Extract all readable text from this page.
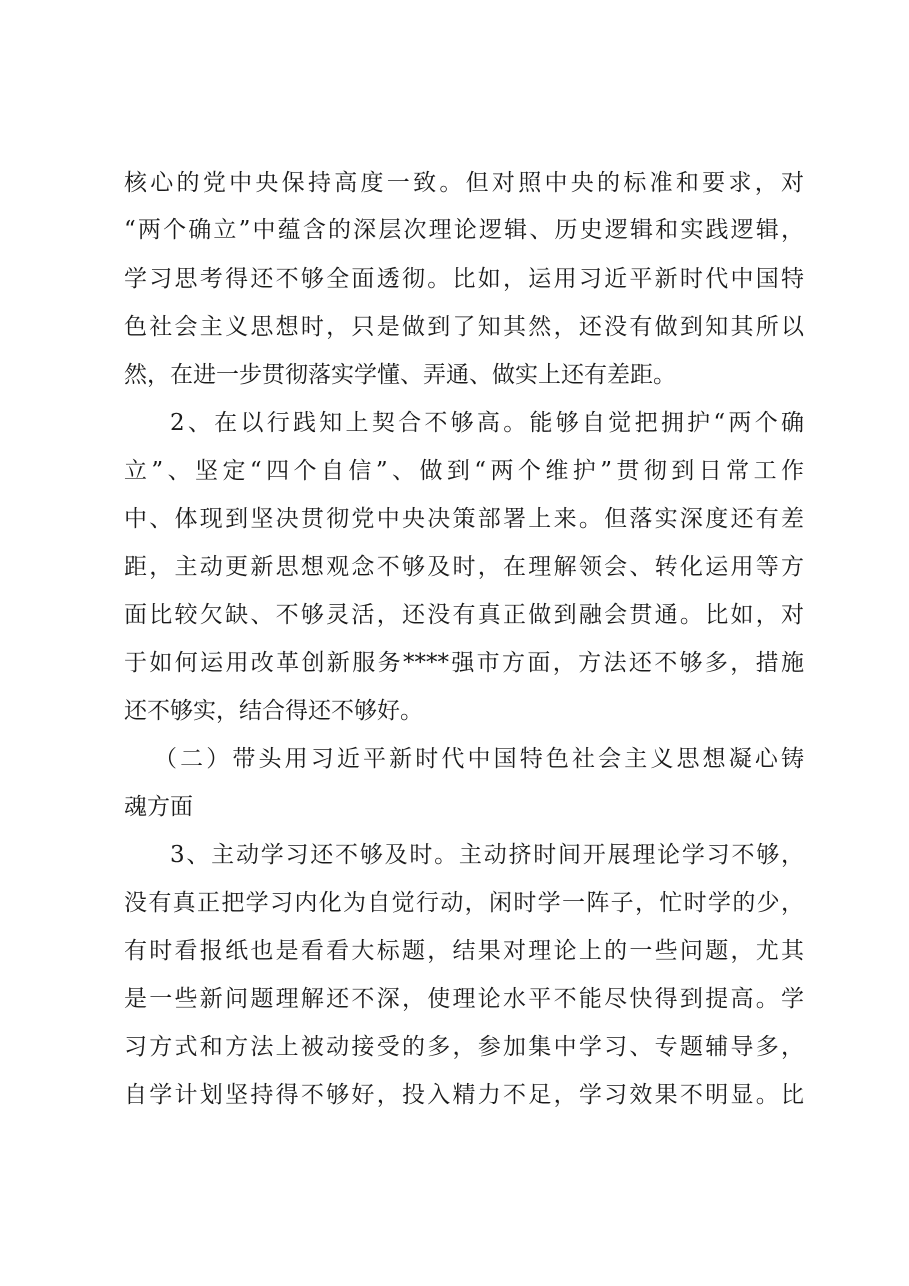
核心的党中央保持高度一致。但对照中央的标准和要求，对
“两个确立”中蕴含的深层次理论逻辑、历史逻辑和实践逻辑，
学习思考得还不够全面透彻。比如，运用习近平新时代中国特
色社会主义思想时，只是做到了知其然，还没有做到知其所以
然，在进一步贯彻落实学懂、弄通、做实上还有差距。
2、在以行践知上契合不够高。能够自觉把拥护“两个确
立”、坚定“四个自信”、做到“两个维护”贯彻到日常工作
中、体现到坚决贯彻党中央决策部署上来。但落实深度还有差
距，主动更新思想观念不够及时，在理解领会、转化运用等方
面比较欠缺、不够灵活，还没有真正做到融会贯通。比如，对
于如何运用改革创新服务****强市方面，方法还不够多，措施
还不够实，结合得还不够好。
（二）带头用习近平新时代中国特色社会主义思想凝心铸
魂方面
3、主动学习还不够及时。主动挤时间开展理论学习不够，
没有真正把学习内化为自觉行动，闲时学一阵子，忙时学的少，
有时看报纸也是看看大标题，结果对理论上的一些问题，尤其
是一些新问题理解还不深，使理论水平不能尽快得到提高。学
习方式和方法上被动接受的多，参加集中学习、专题辅导多，
自学计划坚持得不够好，投入精力不足，学习效果不明显。比
